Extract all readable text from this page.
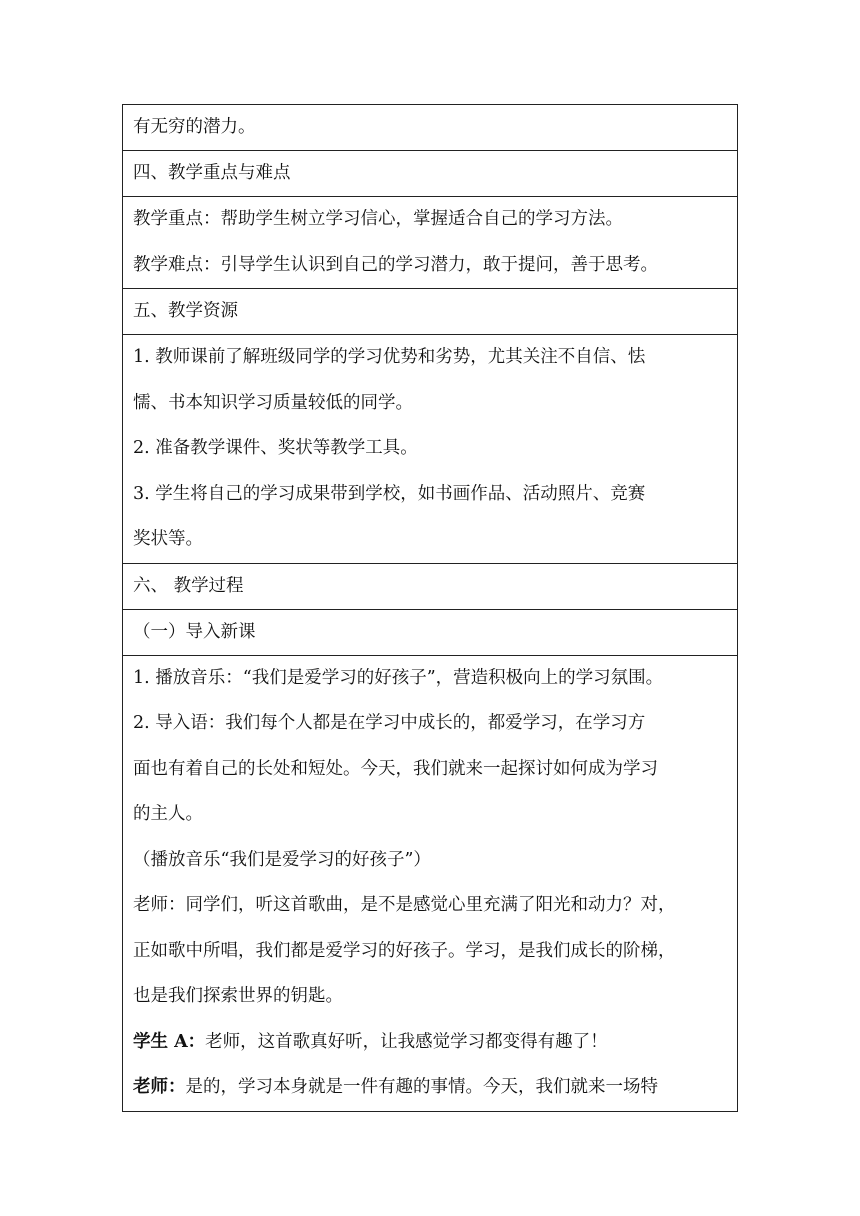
有无穷的潜力。
四、教学重点与难点

教学重点：帮助学生树立学习信心，掌握适合自己的学习方法。
教学难点：引导学生认识到自己的学习潜力，敢于提问，善于思考。

五、教学资源

1. 教师课前了解班级同学的学习优势和劣势，尤其关注不自信、怯
懦、书本知识学习质量较低的同学。
2. 准备教学课件、奖状等教学工具。
3. 学生将自己的学习成果带到学校，如书画作品、活动照片、竞赛
奖状等。

六、 教学过程
（一）导入新课

1. 播放音乐：“我们是爱学习的好孩子”，营造积极向上的学习氛围。
2. 导入语：我们每个人都是在学习中成长的，都爱学习，在学习方
面也有着自己的长处和短处。今天，我们就来一起探讨如何成为学习
的主人。
（播放音乐“我们是爱学习的好孩子”）
老师：同学们，听这首歌曲，是不是感觉心里充满了阳光和动力？对，
正如歌中所唱，我们都是爱学习的好孩子。学习，是我们成长的阶梯，
也是我们探索世界的钥匙。
学生 A：老师，这首歌真好听，让我感觉学习都变得有趣了！
老师：是的，学习本身就是一件有趣的事情。今天，我们就来一场特
